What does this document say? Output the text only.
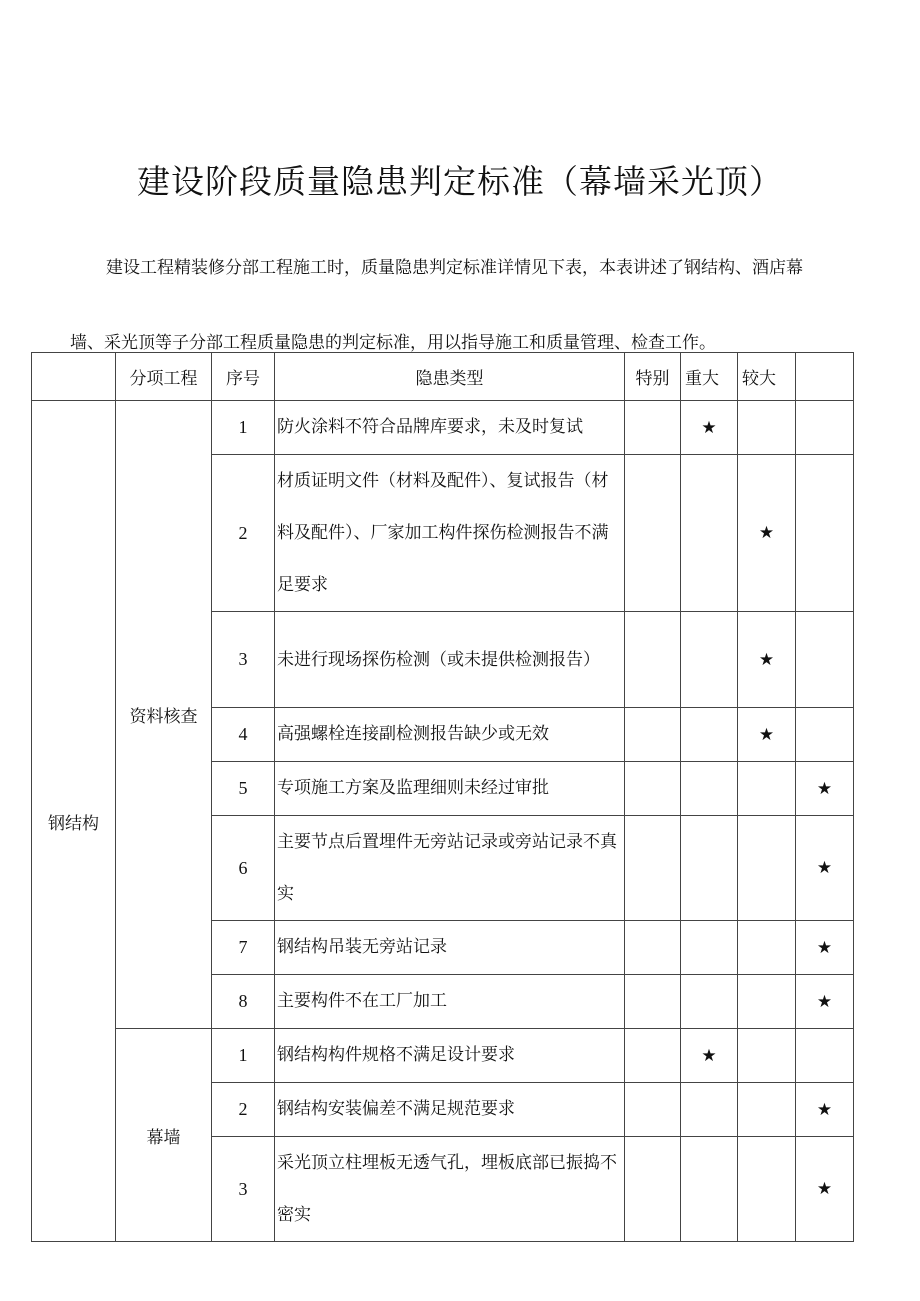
建设阶段质量隐患判定标准（幕墙采光顶）

建设工程精装修分部工程施工时，质量隐患判定标准详情见下表，本表讲述了钢结构、酒店幕

墙、采光顶等子分部工程质量隐患的判定标准，用以指导施工和质量管理、检查工作。

	分项工程	序号	隐患类型	特别	重大	较大	
钢结构	资料核查	1	防火涂料不符合品牌库要求，未及时复试		★		
		2	材质证明文件（材料及配件）、复试报告（材料及配件）、厂家加工构件探伤检测报告不满足要求			★	
		3	未进行现场探伤检测（或未提供检测报告）			★	
		4	高强螺栓连接副检测报告缺少或无效			★	
		5	专项施工方案及监理细则未经过审批				★
		6	主要节点后置埋件无旁站记录或旁站记录不真实				★
		7	钢结构吊装无旁站记录				★
		8	主要构件不在工厂加工				★
	幕墙	1	钢结构构件规格不满足设计要求		★		
		2	钢结构安装偏差不满足规范要求				★
		3	采光顶立柱埋板无透气孔，埋板底部已振捣不密实				★
